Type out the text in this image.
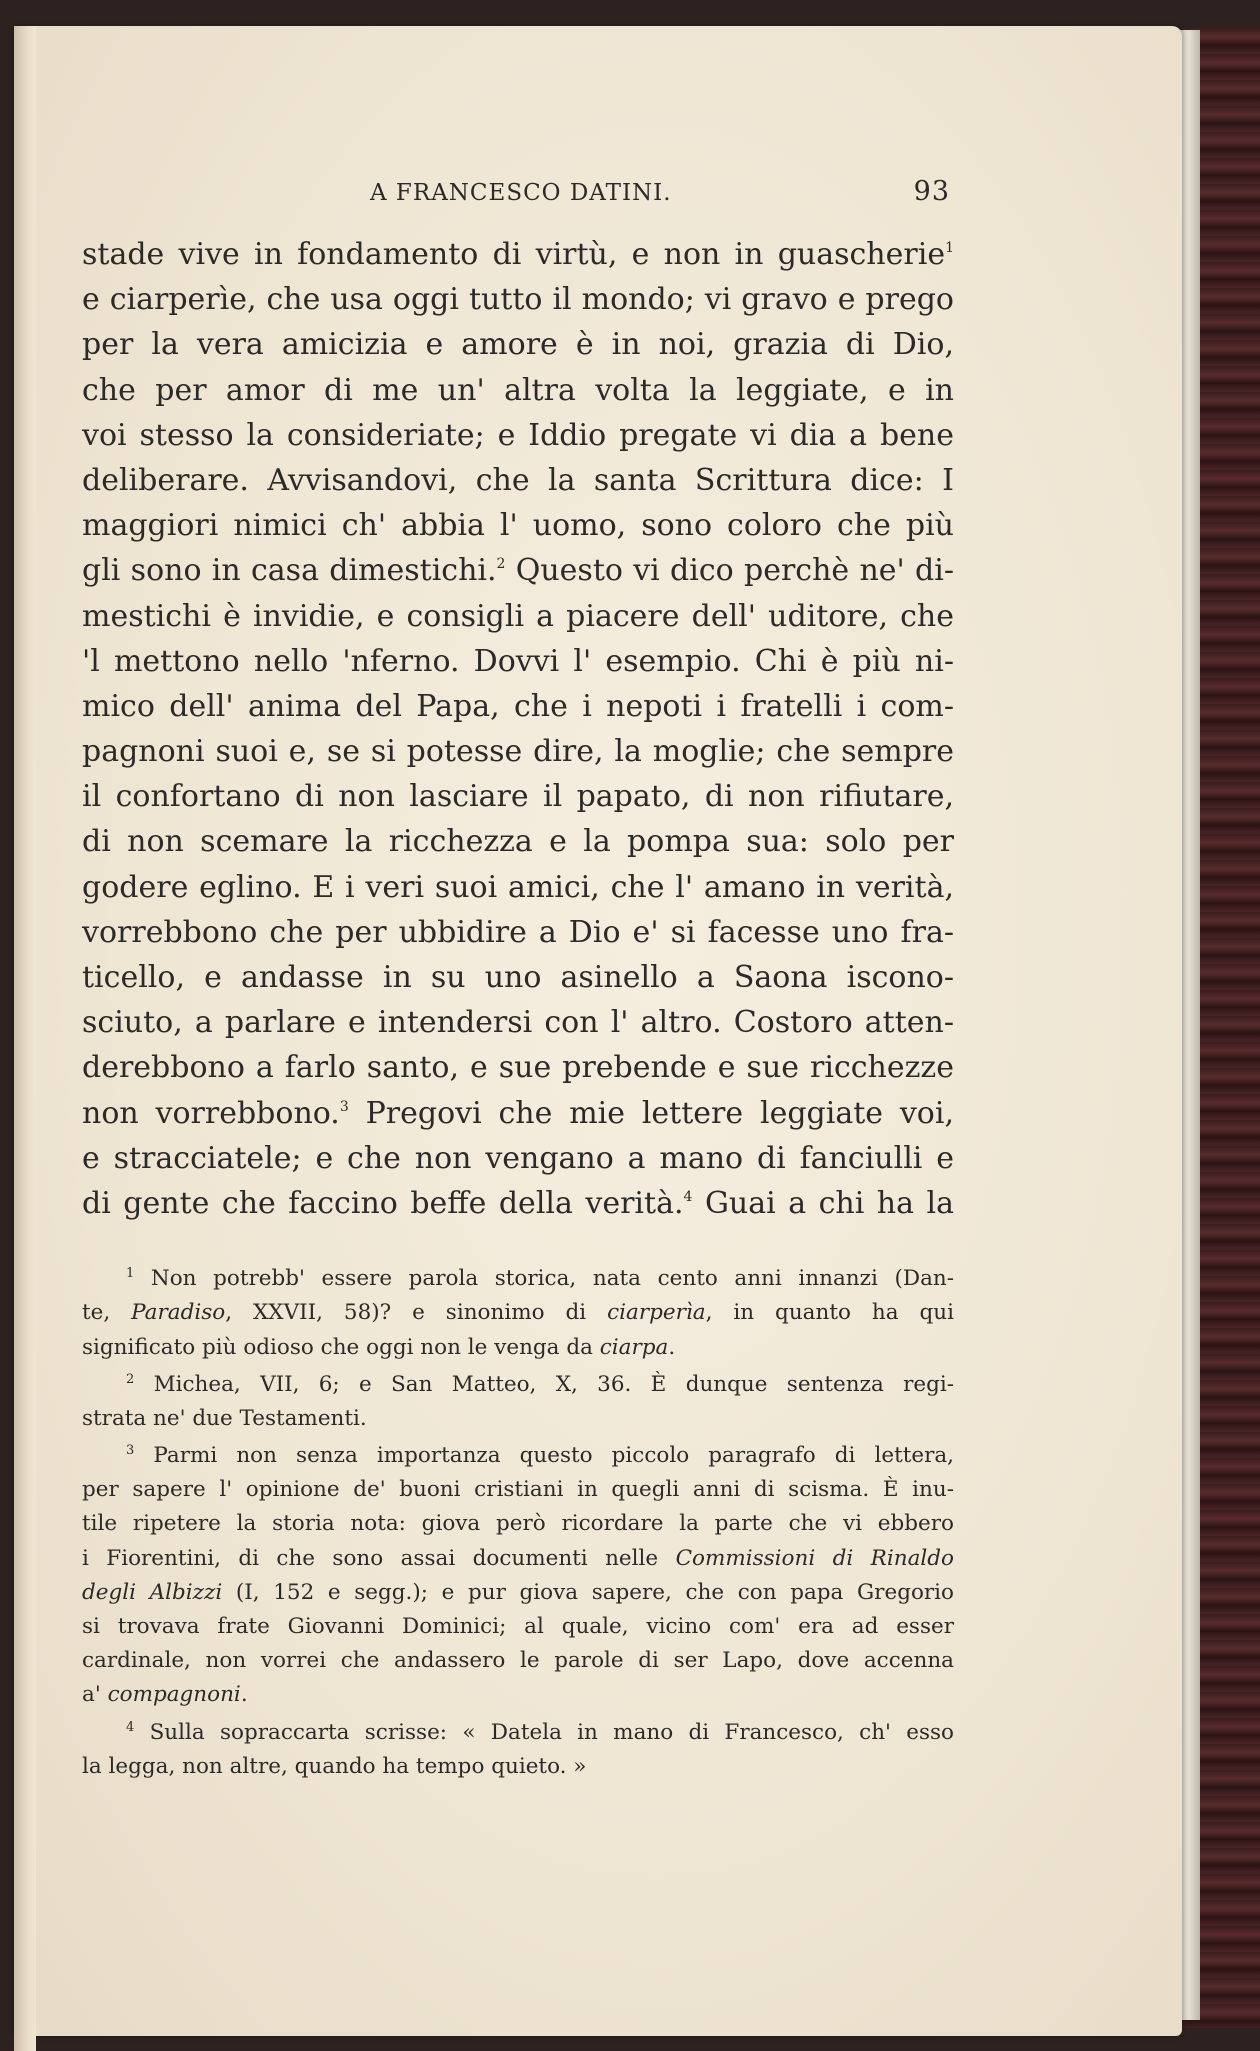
A FRANCESCO DATINI.	93
stade vive in fondamento di virtù, e non in guascherie$^1$
e ciarperìe, che usa oggi tutto il mondo; vi gravo e prego
per la vera amicizia e amore è in noi, grazia di Dio,
che per amor di me un' altra volta la leggiate, e in
voi stesso la consideriate; e Iddio pregate vi dia a bene
deliberare. Avvisandovi, che la santa Scrittura dice: I
maggiori nimici ch' abbia l' uomo, sono coloro che più
gli sono in casa dimestichi.$^2$ Questo vi dico perchè ne' di-
mestichi è invidie, e consigli a piacere dell' uditore, che
'l mettono nello 'nferno. Dovvi l' esempio. Chi è più ni-
mico dell' anima del Papa, che i nepoti i fratelli i com-
pagnoni suoi e, se si potesse dire, la moglie; che sempre
il confortano di non lasciare il papato, di non rifiutare,
di non scemare la ricchezza e la pompa sua: solo per
godere eglino. E i veri suoi amici, che l' amano in verità,
vorrebbono che per ubbidire a Dio e' si facesse uno fra-
ticello, e andasse in su uno asinello a Saona iscono-
sciuto, a parlare e intendersi con l' altro. Costoro atten-
derebbono a farlo santo, e sue prebende e sue ricchezze
non vorrebbono.$^3$ Pregovi che mie lettere leggiate voi,
e stracciatele; e che non vengano a mano di fanciulli e
di gente che faccino beffe della verità.$^4$ Guai a chi ha la
$^1$ Non potrebb' essere parola storica, nata cento anni innanzi (Dan-
te, Paradiso, XXVII, 58)? e sinonimo di ciarperìa, in quanto ha qui
significato più odioso che oggi non le venga da ciarpa.
$^2$ Michea, VII, 6; e San Matteo, X, 36. È dunque sentenza regi-
strata ne' due Testamenti.
$^3$ Parmi non senza importanza questo piccolo paragrafo di lettera,
per sapere l' opinione de' buoni cristiani in quegli anni di scisma. È inu-
tile ripetere la storia nota: giova però ricordare la parte che vi ebbero
i Fiorentini, di che sono assai documenti nelle Commissioni di Rinaldo
degli Albizzi (I, 152 e segg.); e pur giova sapere, che con papa Gregorio
si trovava frate Giovanni Dominici; al quale, vicino com' era ad esser
cardinale, non vorrei che andassero le parole di ser Lapo, dove accenna
a' compagnoni.
$^4$ Sulla sopraccarta scrisse: « Datela in mano di Francesco, ch' esso
la legga, non altre, quando ha tempo quieto. »
